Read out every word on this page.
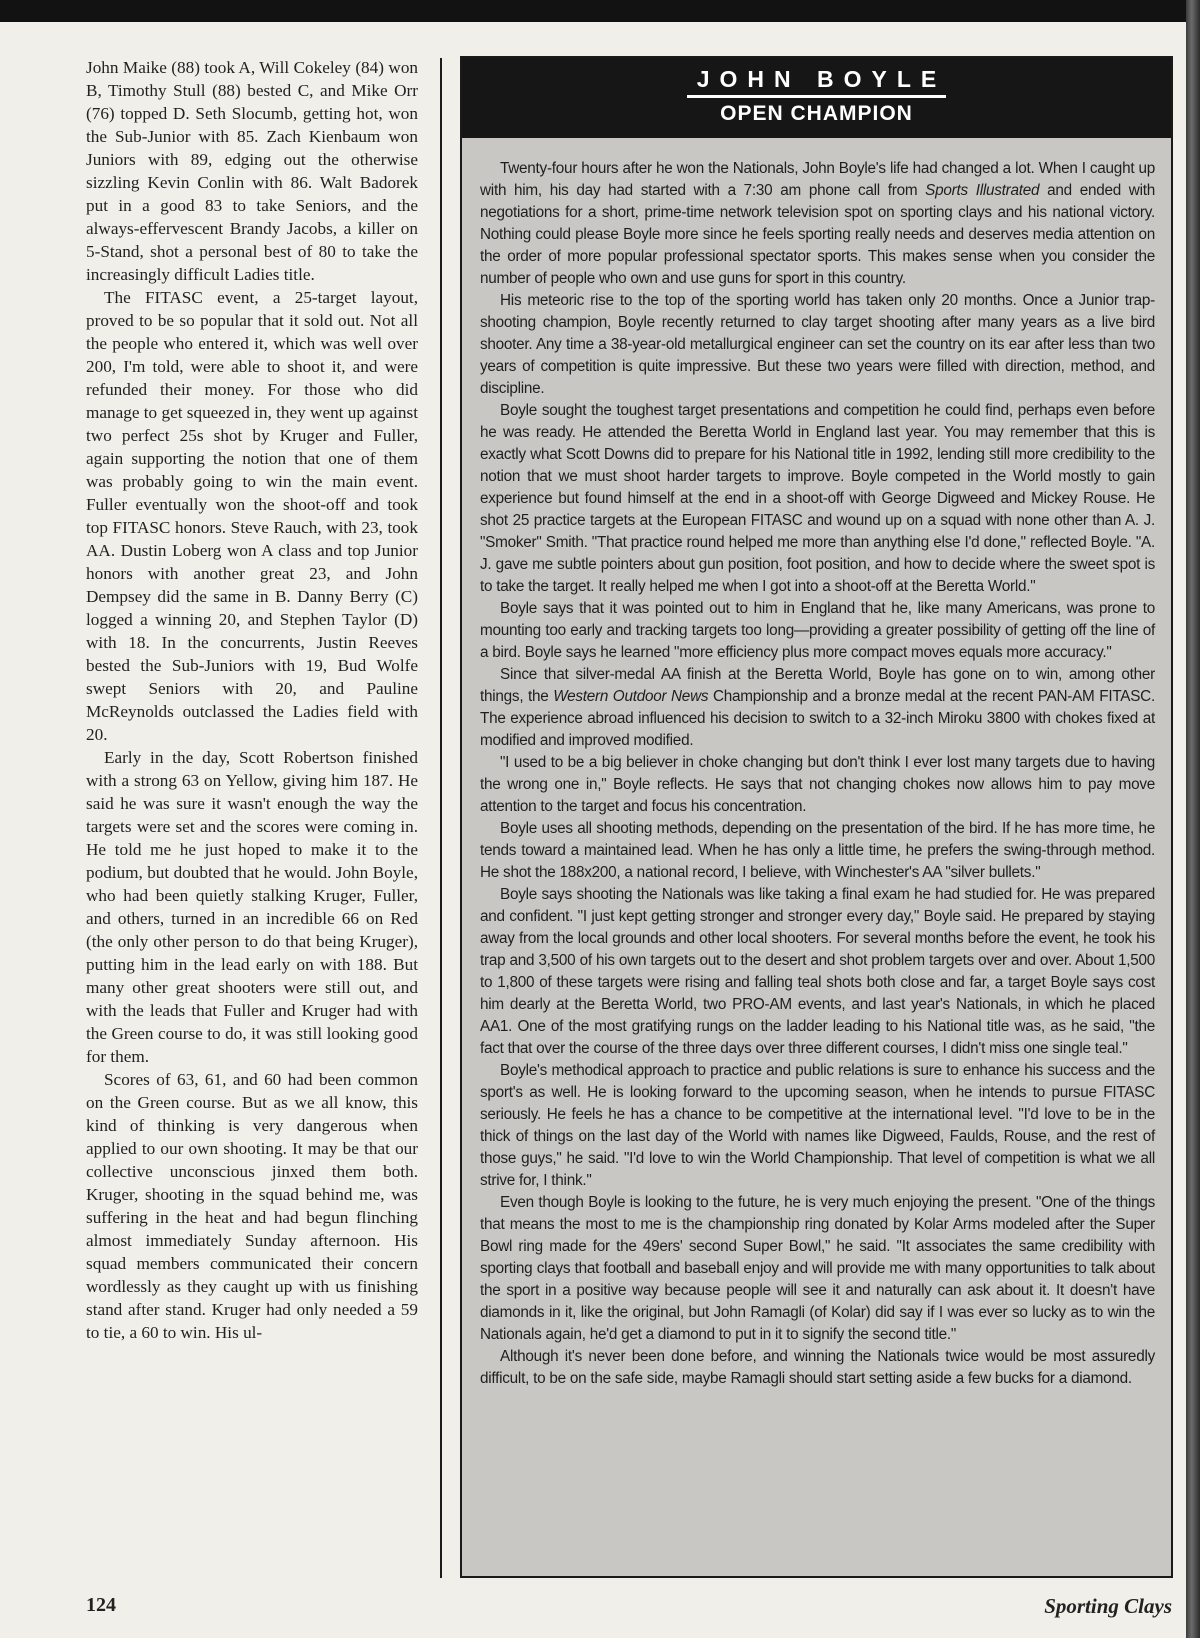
John Maike (88) took A, Will Cokeley (84) won B, Timothy Stull (88) bested C, and Mike Orr (76) topped D. Seth Slocumb, getting hot, won the Sub-Junior with 85. Zach Kienbaum won Juniors with 89, edging out the otherwise sizzling Kevin Conlin with 86. Walt Badorek put in a good 83 to take Seniors, and the always-effervescent Brandy Jacobs, a killer on 5-Stand, shot a personal best of 80 to take the increasingly difficult Ladies title.

The FITASC event, a 25-target layout, proved to be so popular that it sold out. Not all the people who entered it, which was well over 200, I'm told, were able to shoot it, and were refunded their money. For those who did manage to get squeezed in, they went up against two perfect 25s shot by Kruger and Fuller, again supporting the notion that one of them was probably going to win the main event. Fuller eventually won the shoot-off and took top FITASC honors. Steve Rauch, with 23, took AA. Dustin Loberg won A class and top Junior honors with another great 23, and John Dempsey did the same in B. Danny Berry (C) logged a winning 20, and Stephen Taylor (D) with 18. In the concurrents, Justin Reeves bested the Sub-Juniors with 19, Bud Wolfe swept Seniors with 20, and Pauline McReynolds outclassed the Ladies field with 20.

Early in the day, Scott Robertson finished with a strong 63 on Yellow, giving him 187. He said he was sure it wasn't enough the way the targets were set and the scores were coming in. He told me he just hoped to make it to the podium, but doubted that he would. John Boyle, who had been quietly stalking Kruger, Fuller, and others, turned in an incredible 66 on Red (the only other person to do that being Kruger), putting him in the lead early on with 188. But many other great shooters were still out, and with the leads that Fuller and Kruger had with the Green course to do, it was still looking good for them.

Scores of 63, 61, and 60 had been common on the Green course. But as we all know, this kind of thinking is very dangerous when applied to our own shooting. It may be that our collective unconscious jinxed them both. Kruger, shooting in the squad behind me, was suffering in the heat and had begun flinching almost immediately Sunday afternoon. His squad members communicated their concern wordlessly as they caught up with us finishing stand after stand. Kruger had only needed a 59 to tie, a 60 to win. His ul-

JOHN BOYLE
OPEN CHAMPION

Twenty-four hours after he won the Nationals, John Boyle's life had changed a lot. When I caught up with him, his day had started with a 7:30 am phone call from Sports Illustrated and ended with negotiations for a short, prime-time network television spot on sporting clays and his national victory. Nothing could please Boyle more since he feels sporting really needs and deserves media attention on the order of more popular professional spectator sports. This makes sense when you consider the number of people who own and use guns for sport in this country.

His meteoric rise to the top of the sporting world has taken only 20 months. Once a Junior trap-shooting champion, Boyle recently returned to clay target shooting after many years as a live bird shooter. Any time a 38-year-old metallurgical engineer can set the country on its ear after less than two years of competition is quite impressive. But these two years were filled with direction, method, and discipline.

Boyle sought the toughest target presentations and competition he could find, perhaps even before he was ready. He attended the Beretta World in England last year. You may remember that this is exactly what Scott Downs did to prepare for his National title in 1992, lending still more credibility to the notion that we must shoot harder targets to improve. Boyle competed in the World mostly to gain experience but found himself at the end in a shoot-off with George Digweed and Mickey Rouse. He shot 25 practice targets at the European FITASC and wound up on a squad with none other than A. J. "Smoker" Smith. "That practice round helped me more than anything else I'd done," reflected Boyle. "A. J. gave me subtle pointers about gun position, foot position, and how to decide where the sweet spot is to take the target. It really helped me when I got into a shoot-off at the Beretta World."

Boyle says that it was pointed out to him in England that he, like many Americans, was prone to mounting too early and tracking targets too long—providing a greater possibility of getting off the line of a bird. Boyle says he learned "more efficiency plus more compact moves equals more accuracy."

Since that silver-medal AA finish at the Beretta World, Boyle has gone on to win, among other things, the Western Outdoor News Championship and a bronze medal at the recent PAN-AM FITASC. The experience abroad influenced his decision to switch to a 32-inch Miroku 3800 with chokes fixed at modified and improved modified.

"I used to be a big believer in choke changing but don't think I ever lost many targets due to having the wrong one in," Boyle reflects. He says that not changing chokes now allows him to pay move attention to the target and focus his concentration.

Boyle uses all shooting methods, depending on the presentation of the bird. If he has more time, he tends toward a maintained lead. When he has only a little time, he prefers the swing-through method. He shot the 188x200, a national record, I believe, with Winchester's AA "silver bullets."

Boyle says shooting the Nationals was like taking a final exam he had studied for. He was prepared and confident. "I just kept getting stronger and stronger every day," Boyle said. He prepared by staying away from the local grounds and other local shooters. For several months before the event, he took his trap and 3,500 of his own targets out to the desert and shot problem targets over and over. About 1,500 to 1,800 of these targets were rising and falling teal shots both close and far, a target Boyle says cost him dearly at the Beretta World, two PRO-AM events, and last year's Nationals, in which he placed AA1. One of the most gratifying rungs on the ladder leading to his National title was, as he said, "the fact that over the course of the three days over three different courses, I didn't miss one single teal."

Boyle's methodical approach to practice and public relations is sure to enhance his success and the sport's as well. He is looking forward to the upcoming season, when he intends to pursue FITASC seriously. He feels he has a chance to be competitive at the international level. "I'd love to be in the thick of things on the last day of the World with names like Digweed, Faulds, Rouse, and the rest of those guys," he said. "I'd love to win the World Championship. That level of competition is what we all strive for, I think."

Even though Boyle is looking to the future, he is very much enjoying the present. "One of the things that means the most to me is the championship ring donated by Kolar Arms modeled after the Super Bowl ring made for the 49ers' second Super Bowl," he said. "It associates the same credibility with sporting clays that football and baseball enjoy and will provide me with many opportunities to talk about the sport in a positive way because people will see it and naturally can ask about it. It doesn't have diamonds in it, like the original, but John Ramagli (of Kolar) did say if I was ever so lucky as to win the Nationals again, he'd get a diamond to put in it to signify the second title."

Although it's never been done before, and winning the Nationals twice would be most assuredly difficult, to be on the safe side, maybe Ramagli should start setting aside a few bucks for a diamond.

124	Sporting Clays
